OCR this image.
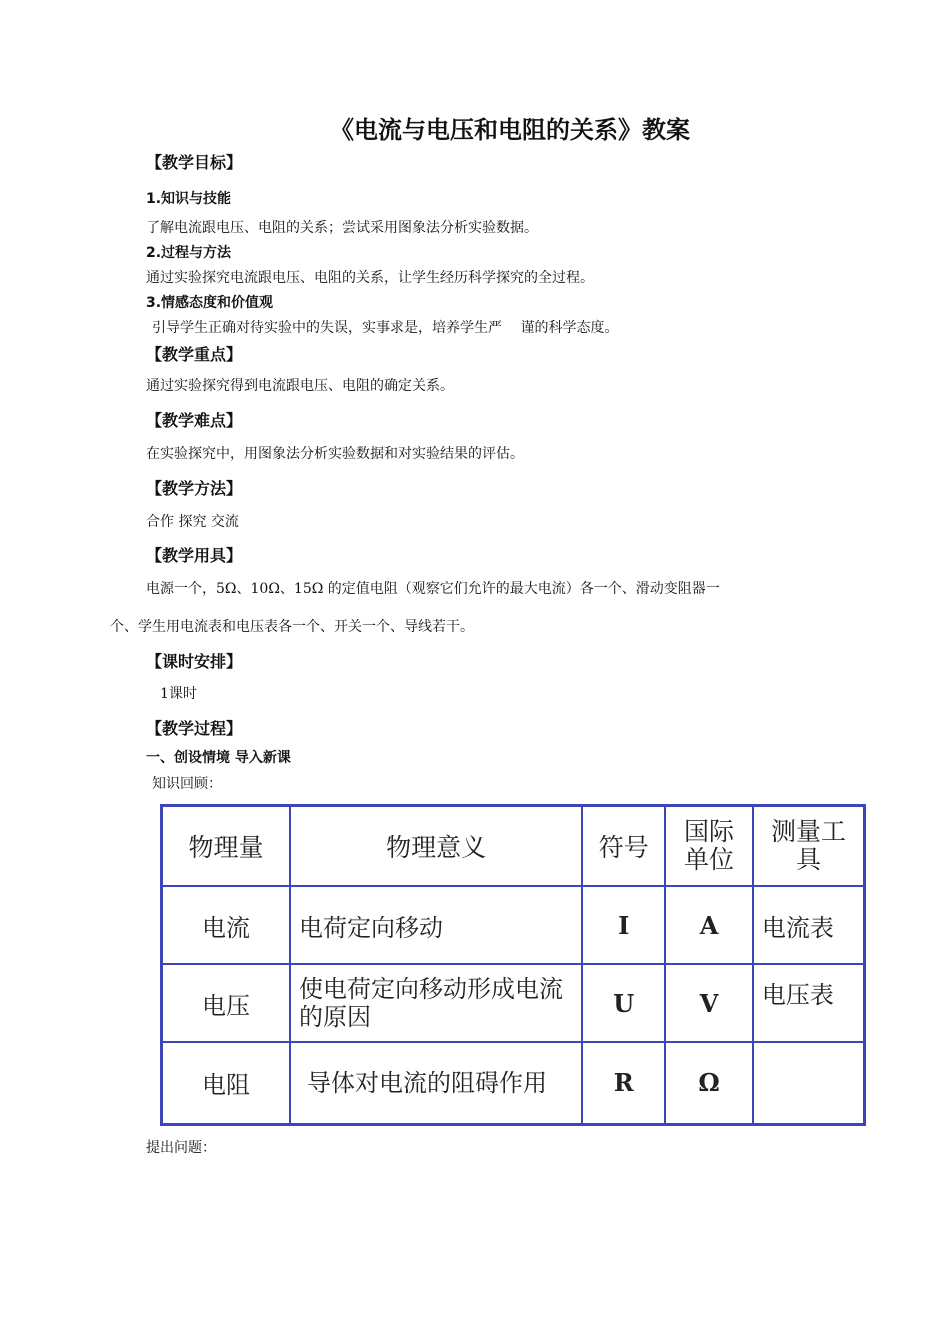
《电流与电压和电阻的关系》教案
【教学目标】
1.知识与技能
了解电流跟电压、电阻的关系；尝试采用图象法分析实验数据。
2.过程与方法
通过实验探究电流跟电压、电阻的关系，让学生经历科学探究的全过程。
3.情感态度和价值观
引导学生正确对待实验中的失误，实事求是，培养学生严　 谨的科学态度。
【教学重点】
通过实验探究得到电流跟电压、电阻的确定关系。
【教学难点】
在实验探究中，用图象法分析实验数据和对实验结果的评估。
【教学方法】
合作 探究 交流
【教学用具】
电源一个，5Ω、10Ω、15Ω 的定值电阻（观察它们允许的最大电流）各一个、滑动变阻器一
个、学生用电流表和电压表各一个、开关一个、导线若干。
【课时安排】
1课时
【教学过程】
一、创设情境 导入新课
知识回顾：
物理量	物理意义	符号	国际单位	测量工具
电流	电荷定向移动	I	A	电流表
电压	使电荷定向移动形成电流的原因	U	V	电压表
电阻	导体对电流的阻碍作用	R	Ω	
提出问题：
